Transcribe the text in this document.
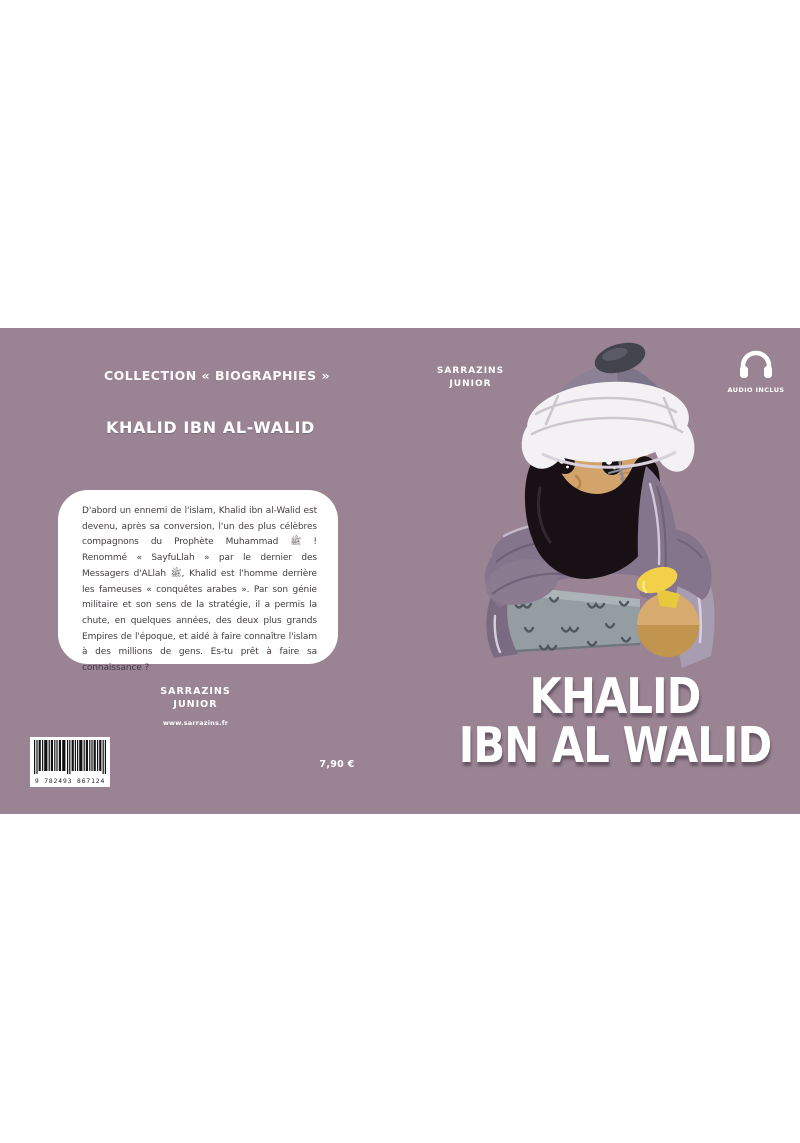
COLLECTION « BIOGRAPHIES »
KHALID IBN AL-WALID
D'abord un ennemi de l'islam, Khalid ibn al-Walid est devenu, après sa conversion, l'un des plus célèbres compagnons du Prophète Muhammad ﷺ ! Renommé « SayfuLlah » par le dernier des Messagers d'ALlah ﷺ, Khalid est l'homme derrière les fameuses « conquêtes arabes ». Par son génie militaire et son sens de la stratégie, il a permis la chute, en quelques années, des deux plus grands Empires de l'époque, et aidé à faire connaître l'islam à des millions de gens. Es-tu prêt à faire sa connaissance ?
SARRAZINS
JUNIOR
www.sarrazins.fr
9 782493 867124
7,90 €
SARRAZINS
JUNIOR
AUDIO INCLUS
KHALID
IBN AL WALID
